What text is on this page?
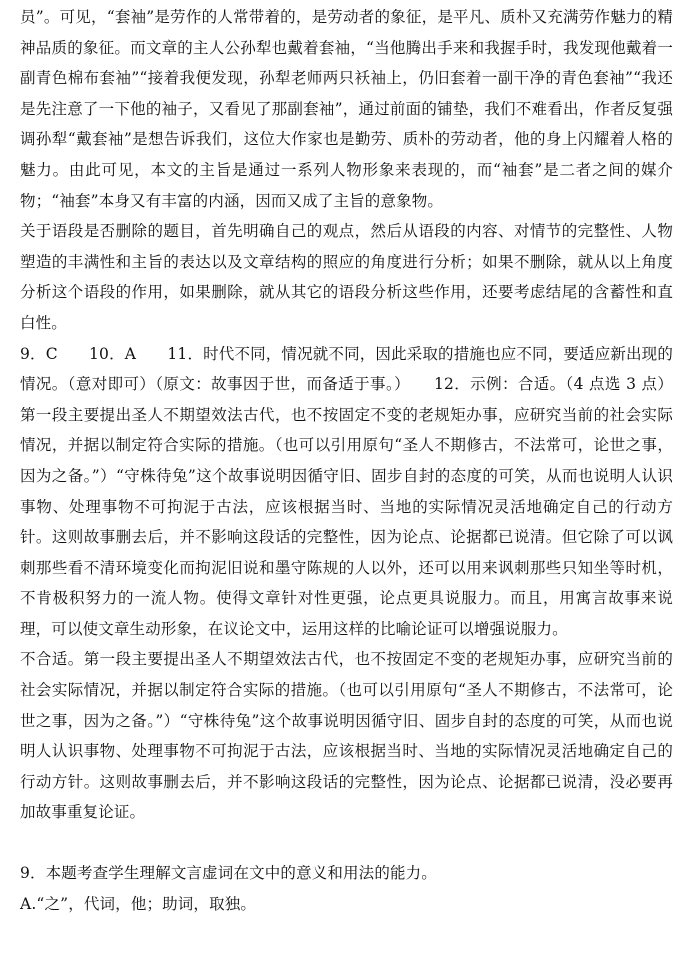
员”。可见，“套袖”是劳作的人常带着的，是劳动者的象征，是平凡、质朴又充满劳作魅力的精神品质的象征。而文章的主人公孙犁也戴着套袖，“当他腾出手来和我握手时，我发现他戴着一副青色棉布套袖”“接着我便发现，孙犁老师两只袄袖上，仍旧套着一副干净的青色套袖”“我还是先注意了一下他的袖子，又看见了那副套袖”，通过前面的铺垫，我们不难看出，作者反复强调孙犁“戴套袖”是想告诉我们，这位大作家也是勤劳、质朴的劳动者，他的身上闪耀着人格的魅力。由此可见，本文的主旨是通过一系列人物形象来表现的，而“袖套”是二者之间的媒介物；“袖套”本身又有丰富的内涵，因而又成了主旨的意象物。

关于语段是否删除的题目，首先明确自己的观点，然后从语段的内容、对情节的完整性、人物塑造的丰满性和主旨的表达以及文章结构的照应的角度进行分析；如果不删除，就从以上角度分析这个语段的作用，如果删除，就从其它的语段分析这些作用，还要考虑结尾的含蓄性和直白性。

9．C　　10．A　　11．时代不同，情况就不同，因此采取的措施也应不同，要适应新出现的情况。（意对即可）（原文：故事因于世，而备适于事。）　　12．示例：合适。（4 点选 3 点）第一段主要提出圣人不期望效法古代，也不按固定不变的老规矩办事，应研究当前的社会实际情况，并据以制定符合实际的措施。（也可以引用原句“圣人不期修古，不法常可，论世之事，因为之备。”）“守株待兔”这个故事说明因循守旧、固步自封的态度的可笑，从而也说明人认识事物、处理事物不可拘泥于古法，应该根据当时、当地的实际情况灵活地确定自己的行动方针。这则故事删去后，并不影响这段话的完整性，因为论点、论据都已说清。但它除了可以讽刺那些看不清环境变化而拘泥旧说和墨守陈规的人以外，还可以用来讽刺那些只知坐等时机，不肯极积努力的一流人物。使得文章针对性更强，论点更具说服力。而且，用寓言故事来说理，可以使文章生动形象，在议论文中，运用这样的比喻论证可以增强说服力。

不合适。第一段主要提出圣人不期望效法古代，也不按固定不变的老规矩办事，应研究当前的社会实际情况，并据以制定符合实际的措施。（也可以引用原句“圣人不期修古，不法常可，论世之事，因为之备。”）“守株待兔”这个故事说明因循守旧、固步自封的态度的可笑，从而也说明人认识事物、处理事物不可拘泥于古法，应该根据当时、当地的实际情况灵活地确定自己的行动方针。这则故事删去后，并不影响这段话的完整性，因为论点、论据都已说清，没必要再加故事重复论证。

9．本题考查学生理解文言虚词在文中的意义和用法的能力。

A.“之”，代词，他；助词，取独。
